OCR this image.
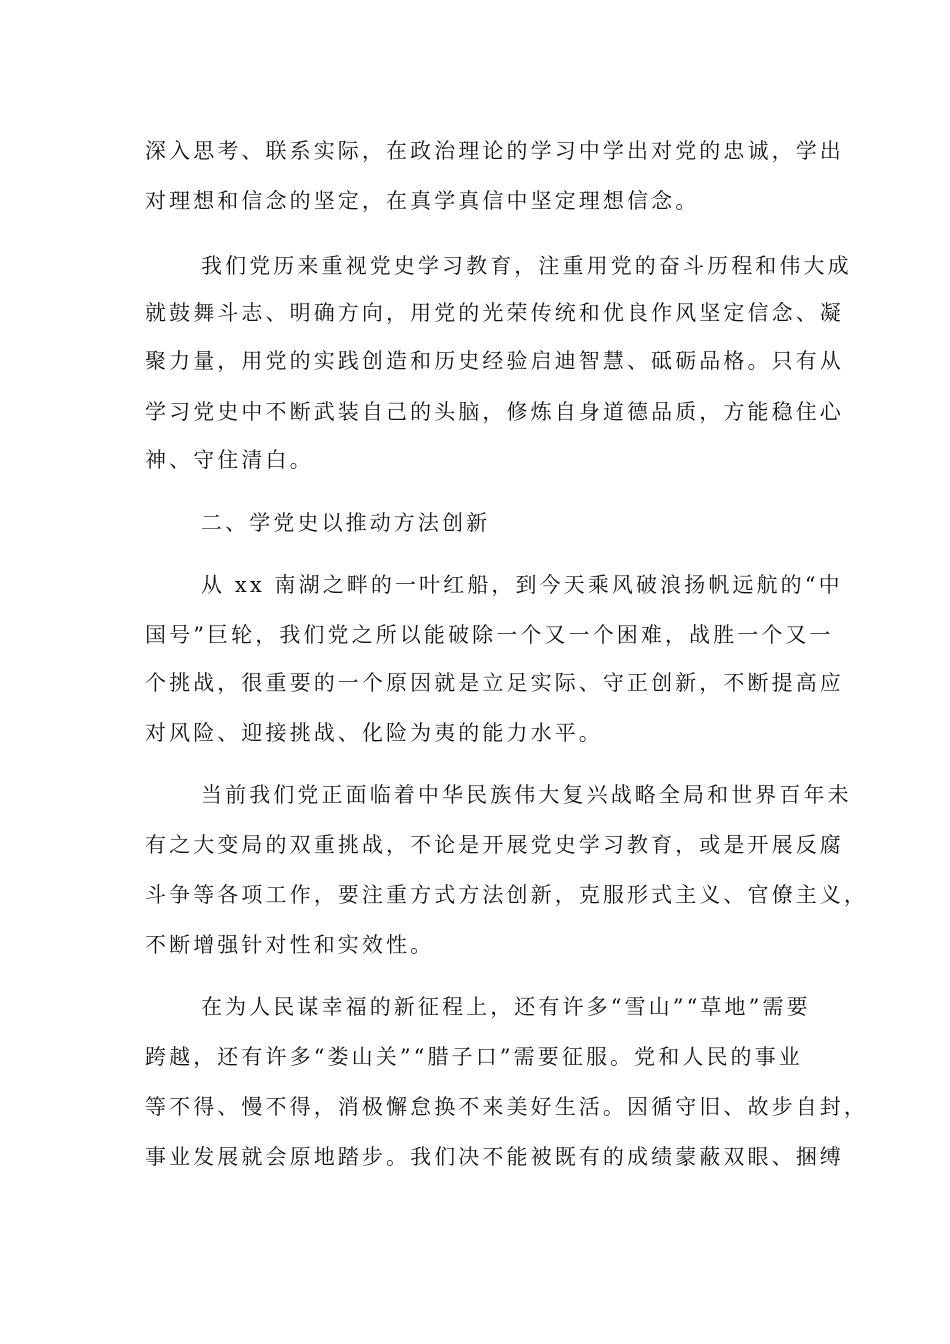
深入思考、联系实际，在政治理论的学习中学出对党的忠诚，学出
对理想和信念的坚定，在真学真信中坚定理想信念。
我们党历来重视党史学习教育，注重用党的奋斗历程和伟大成
就鼓舞斗志、明确方向，用党的光荣传统和优良作风坚定信念、凝
聚力量，用党的实践创造和历史经验启迪智慧、砥砺品格。只有从
学习党史中不断武装自己的头脑，修炼自身道德品质，方能稳住心
神、守住清白。
二、学党史以推动方法创新
从 xx 南湖之畔的一叶红船，到今天乘风破浪扬帆远航的“中
国号”巨轮，我们党之所以能破除一个又一个困难，战胜一个又一
个挑战，很重要的一个原因就是立足实际、守正创新，不断提高应
对风险、迎接挑战、化险为夷的能力水平。
当前我们党正面临着中华民族伟大复兴战略全局和世界百年未
有之大变局的双重挑战，不论是开展党史学习教育，或是开展反腐
斗争等各项工作，要注重方式方法创新，克服形式主义、官僚主义，
不断增强针对性和实效性。
在为人民谋幸福的新征程上，还有许多“雪山”“草地”需要
跨越，还有许多“娄山关”“腊子口”需要征服。党和人民的事业
等不得、慢不得，消极懈怠换不来美好生活。因循守旧、故步自封，
事业发展就会原地踏步。我们决不能被既有的成绩蒙蔽双眼、捆缚
